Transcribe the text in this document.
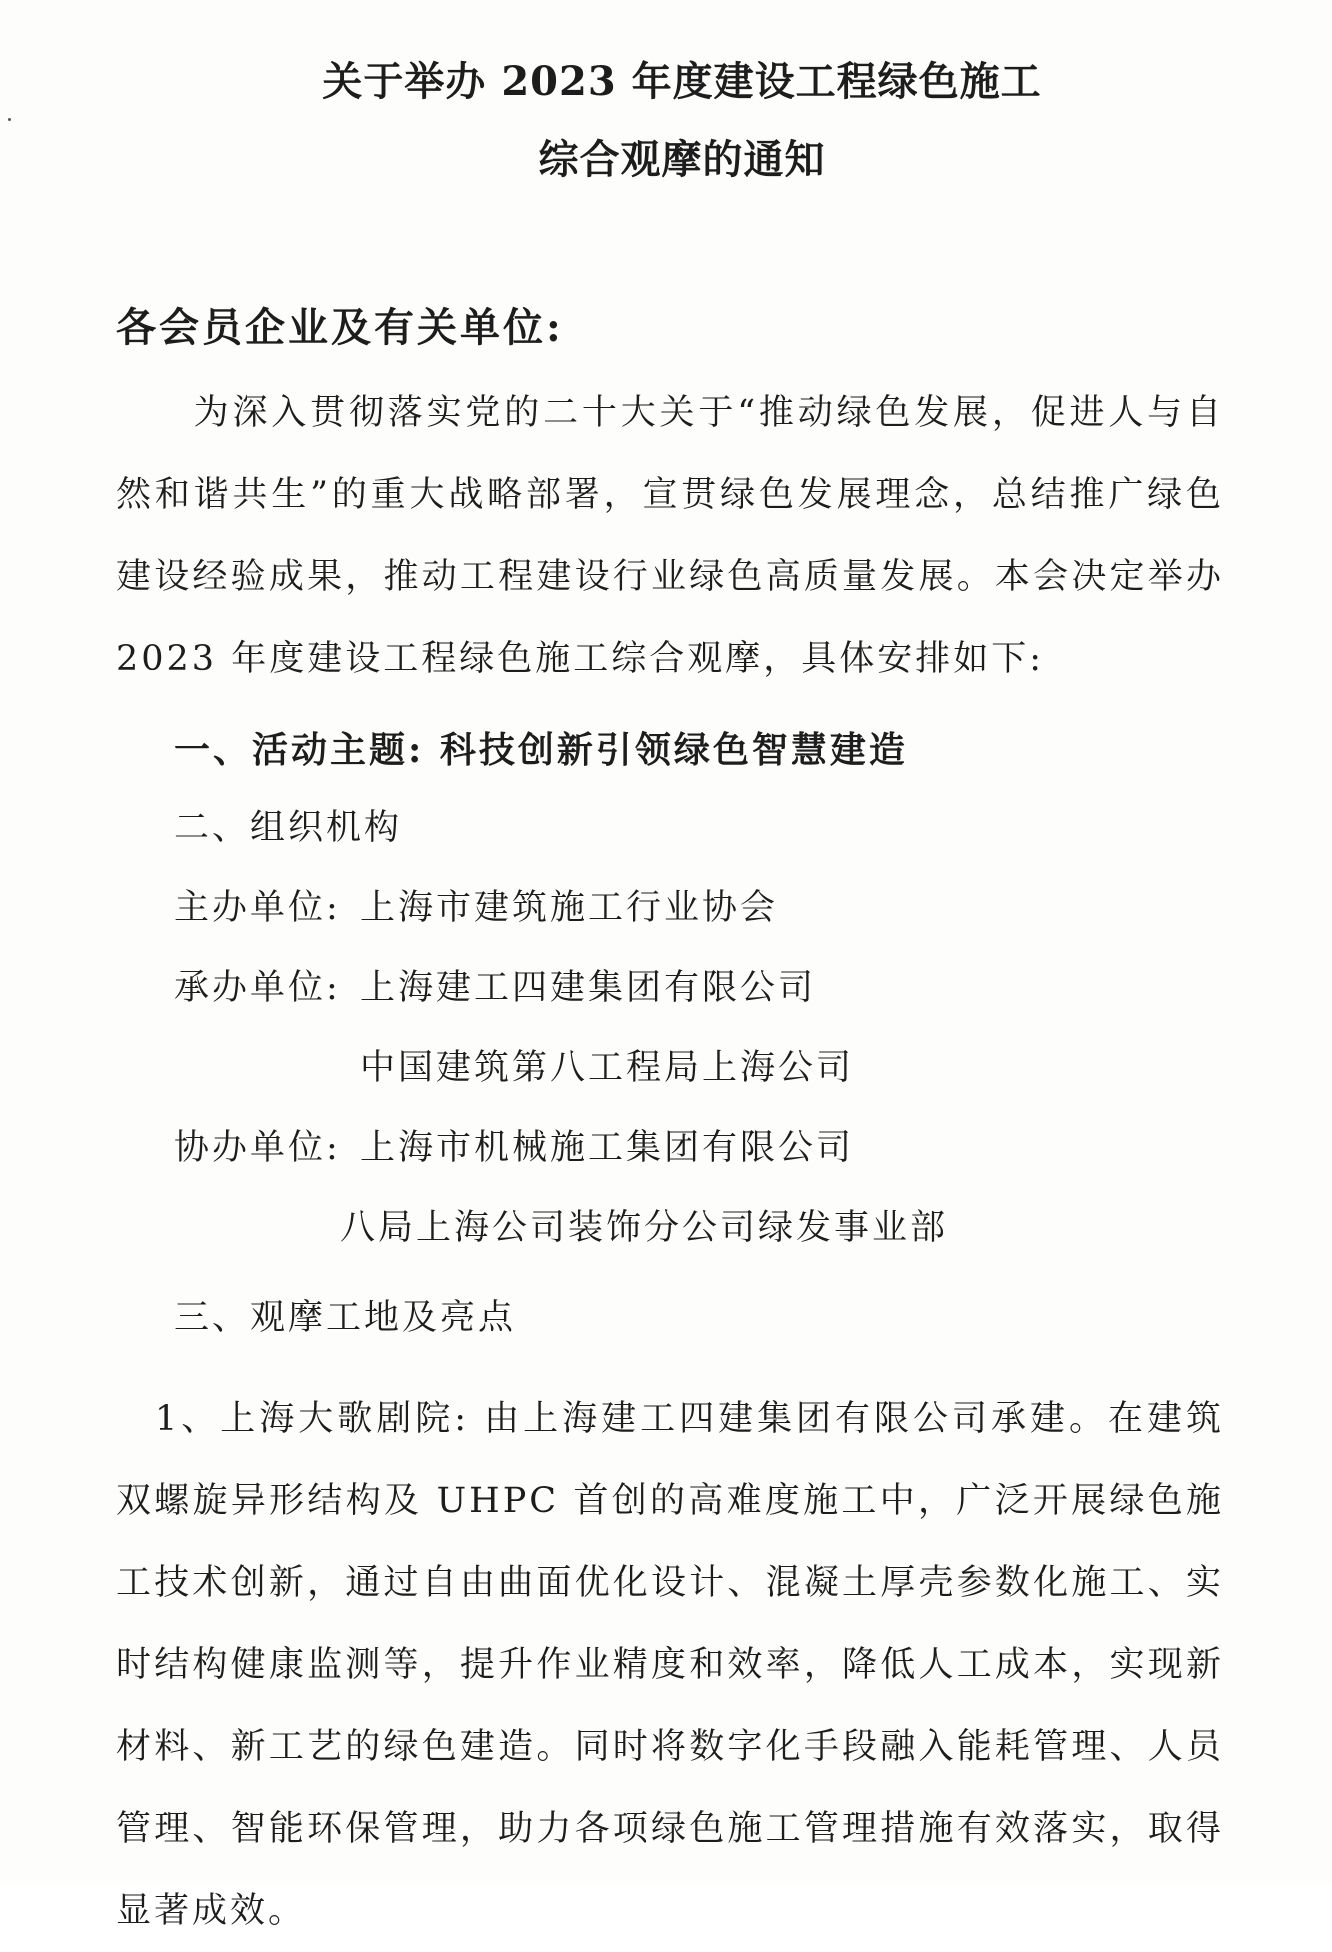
关于举办 2023 年度建设工程绿色施工
综合观摩的通知

各会员企业及有关单位:

　　为深入贯彻落实党的二十大关于“推动绿色发展，促进人与自然和谐共生”的重大战略部署，宣贯绿色发展理念，总结推广绿色建设经验成果，推动工程建设行业绿色高质量发展。本会决定举办 2023 年度建设工程绿色施工综合观摩，具体安排如下:

一、活动主题: 科技创新引领绿色智慧建造

二、组织机构

主办单位: 上海市建筑施工行业协会

承办单位: 上海建工四建集团有限公司

中国建筑第八工程局上海公司

协办单位: 上海市机械施工集团有限公司

八局上海公司装饰分公司绿发事业部

三、观摩工地及亮点

　1、上海大歌剧院: 由上海建工四建集团有限公司承建。在建筑双螺旋异形结构及 UHPC 首创的高难度施工中，广泛开展绿色施工技术创新，通过自由曲面优化设计、混凝土厚壳参数化施工、实时结构健康监测等，提升作业精度和效率，降低人工成本，实现新材料、新工艺的绿色建造。同时将数字化手段融入能耗管理、人员管理、智能环保管理，助力各项绿色施工管理措施有效落实，取得显著成效。
